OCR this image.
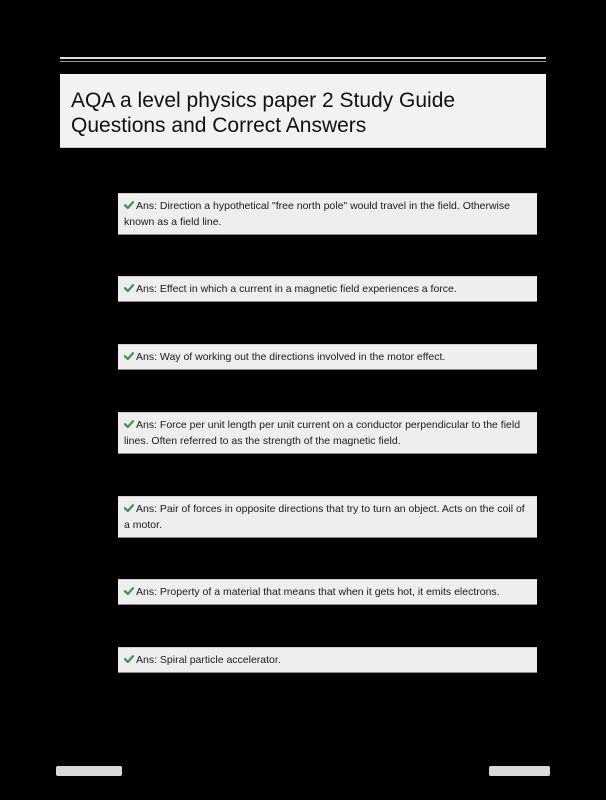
AQA a level physics paper 2 Study Guide
Questions and Correct Answers
Ans: Direction a hypothetical "free north pole" would travel in the field. Otherwise known as a field line.
Ans: Effect in which a current in a magnetic field experiences a force.
Ans: Way of working out the directions involved in the motor effect.
Ans: Force per unit length per unit current on a conductor perpendicular to the field lines. Often referred to as the strength of the magnetic field.
Ans: Pair of forces in opposite directions that try to turn an object. Acts on the coil of a motor.
Ans: Property of a material that means that when it gets hot, it emits electrons.
Ans: Spiral particle accelerator.
